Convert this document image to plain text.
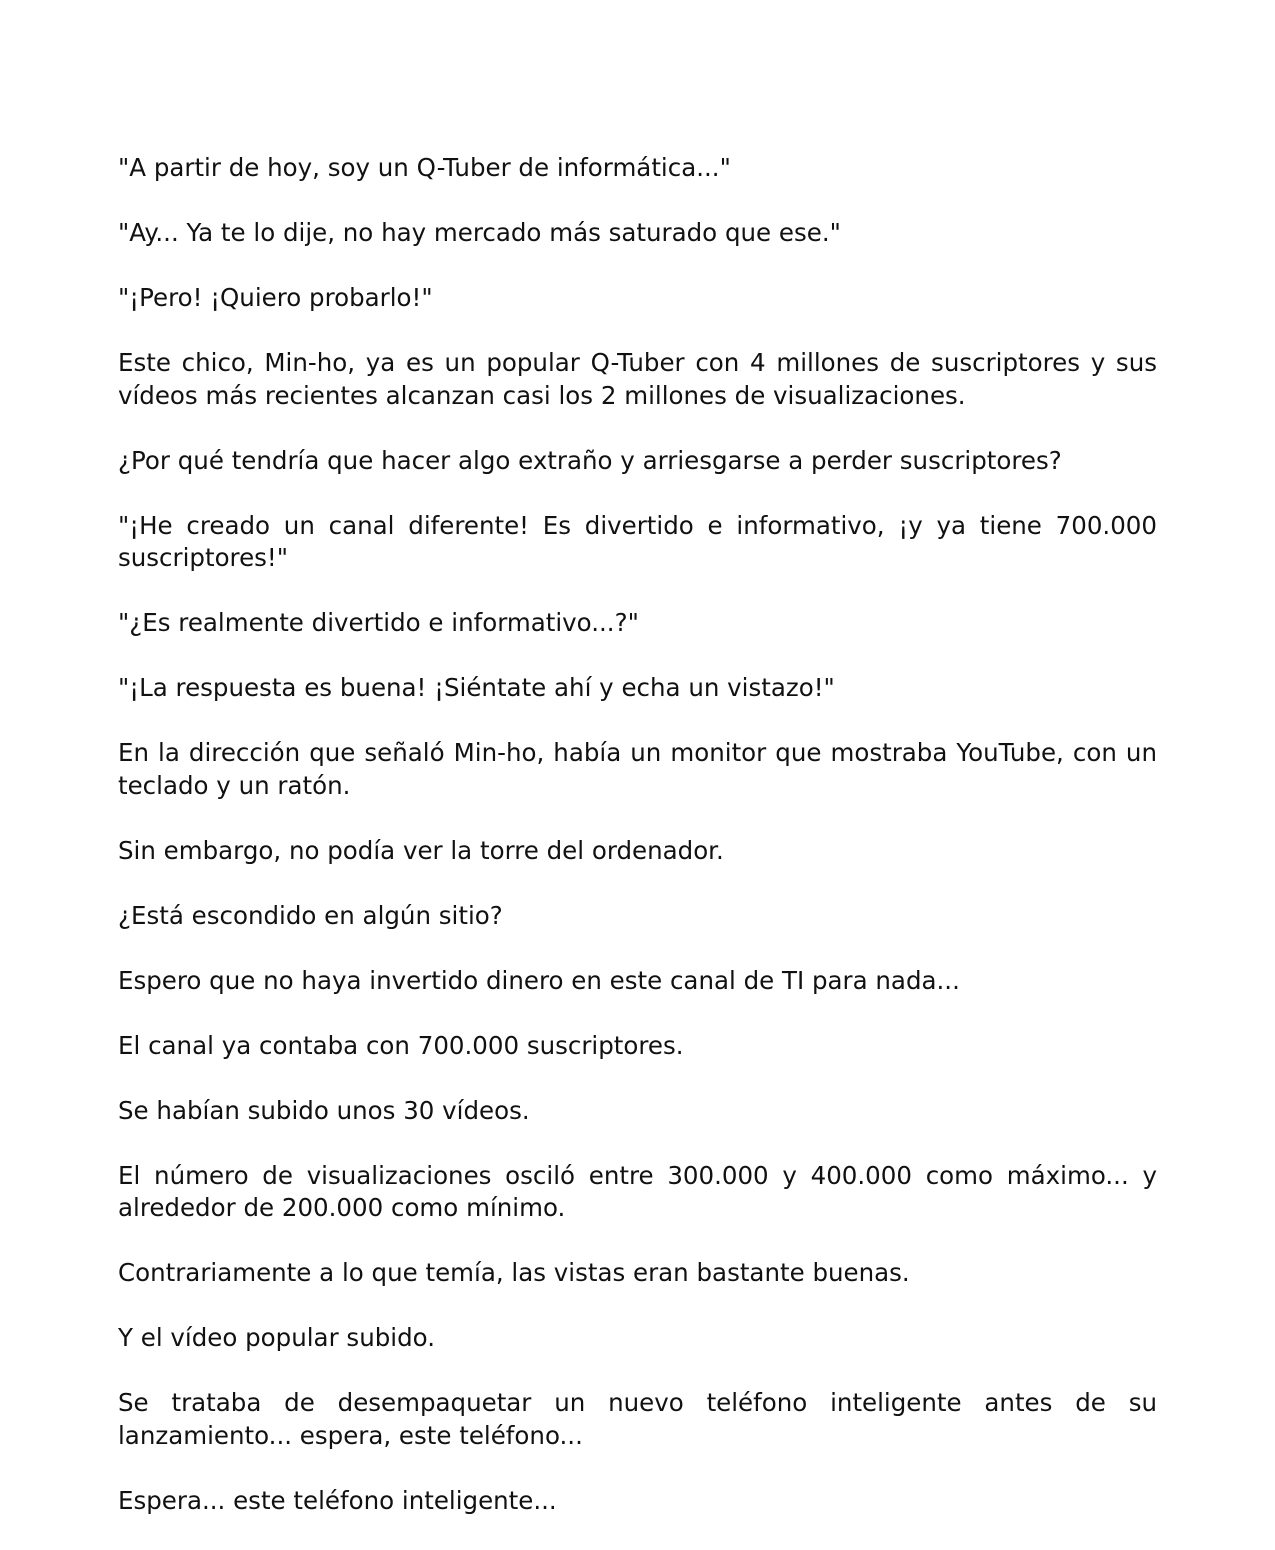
"A partir de hoy, soy un Q-Tuber de informática..."

"Ay... Ya te lo dije, no hay mercado más saturado que ese."

"¡Pero! ¡Quiero probarlo!"

Este chico, Min-ho, ya es un popular Q-Tuber con 4 millones de suscriptores y sus vídeos más recientes alcanzan casi los 2 millones de visualizaciones.

¿Por qué tendría que hacer algo extraño y arriesgarse a perder suscriptores?

"¡He creado un canal diferente! Es divertido e informativo, ¡y ya tiene 700.000 suscriptores!"

"¿Es realmente divertido e informativo...?"

"¡La respuesta es buena! ¡Siéntate ahí y echa un vistazo!"

En la dirección que señaló Min-ho, había un monitor que mostraba YouTube, con un teclado y un ratón.

Sin embargo, no podía ver la torre del ordenador.

¿Está escondido en algún sitio?

Espero que no haya invertido dinero en este canal de TI para nada...

El canal ya contaba con 700.000 suscriptores.

Se habían subido unos 30 vídeos.

El número de visualizaciones osciló entre 300.000 y 400.000 como máximo... y alrededor de 200.000 como mínimo.

Contrariamente a lo que temía, las vistas eran bastante buenas.

Y el vídeo popular subido.

Se trataba de desempaquetar un nuevo teléfono inteligente antes de su lanzamiento... espera, este teléfono...

Espera... este teléfono inteligente...
